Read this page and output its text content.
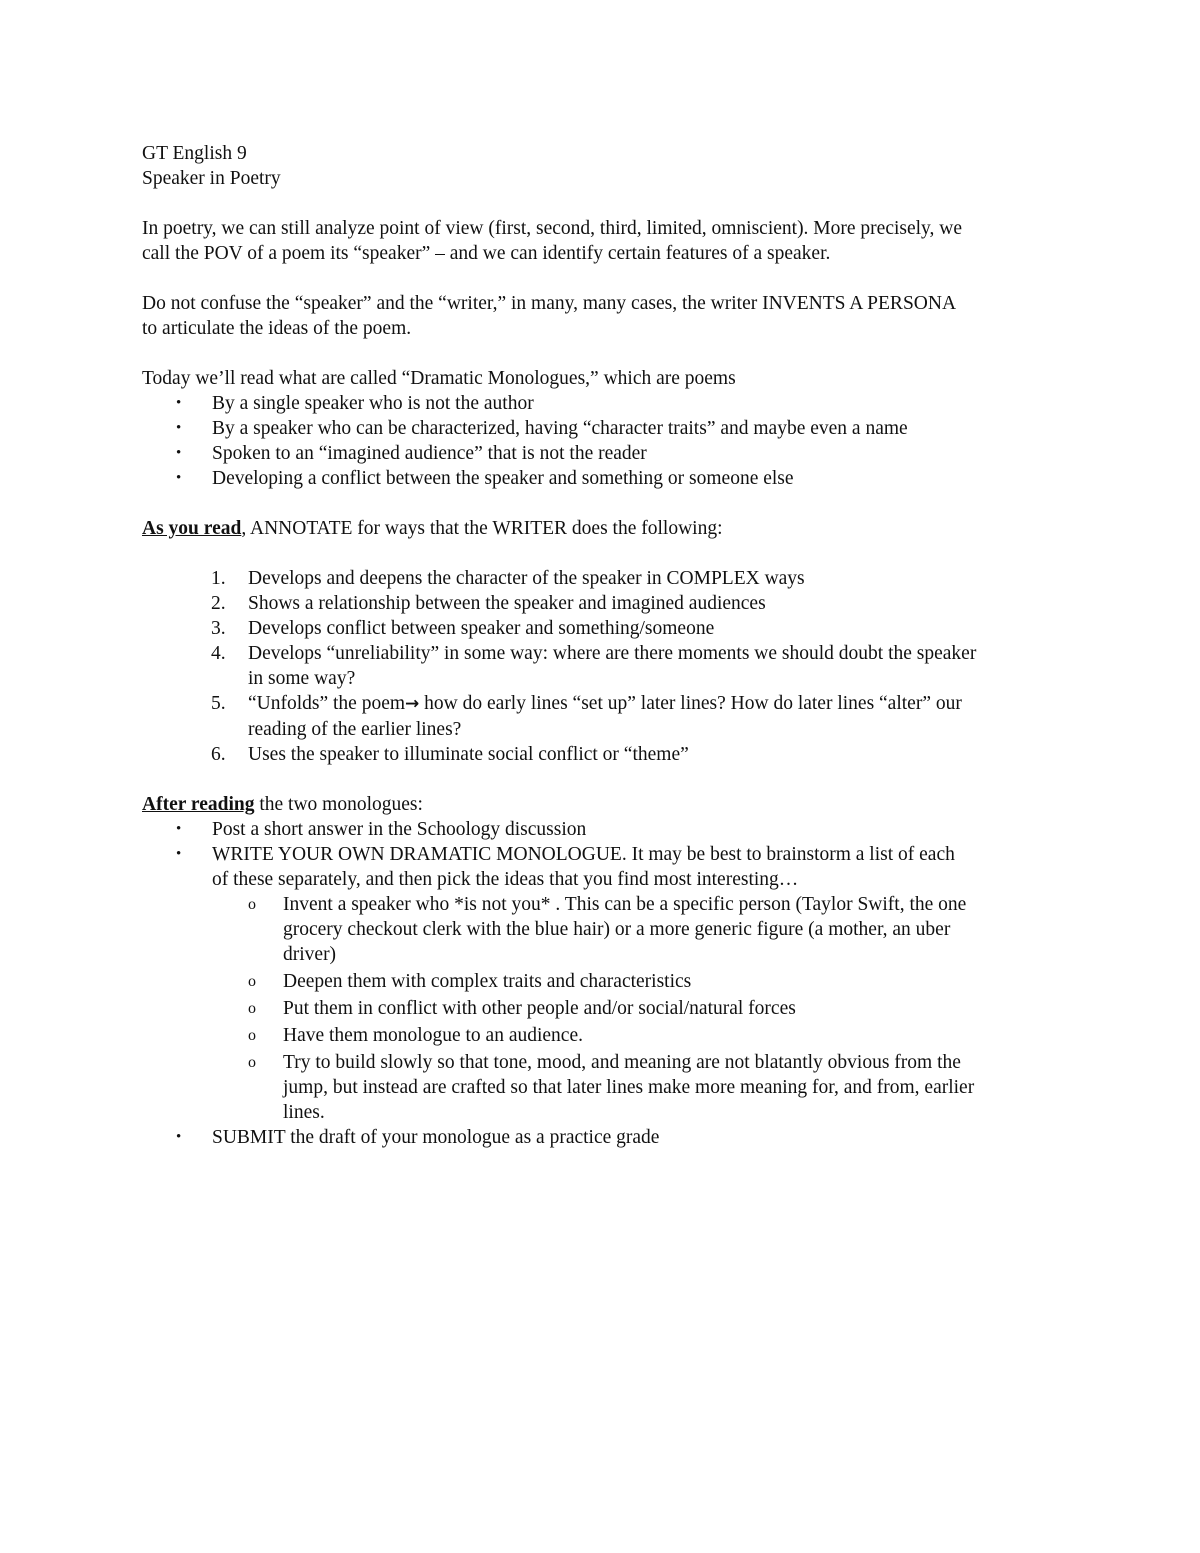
GT English 9

Speaker in Poetry

In poetry, we can still analyze point of view (first, second, third, limited, omniscient). More precisely, we
call the POV of a poem its “speaker” – and we can identify certain features of a speaker.

Do not confuse the “speaker” and the “writer,” in many, many cases, the writer INVENTS A PERSONA
to articulate the ideas of the poem.

Today we’ll read what are called “Dramatic Monologues,” which are poems

• By a single speaker who is not the author
• By a speaker who can be characterized, having “character traits” and maybe even a name
• Spoken to an “imagined audience” that is not the reader
• Developing a conflict between the speaker and something or someone else

As you read, ANNOTATE for ways that the WRITER does the following:

1. Develops and deepens the character of the speaker in COMPLEX ways
2. Shows a relationship between the speaker and imagined audiences
3. Develops conflict between speaker and something/someone
4. Develops “unreliability” in some way: where are there moments we should doubt the speaker
in some way?
5. “Unfolds” the poem→ how do early lines “set up” later lines? How do later lines “alter” our
reading of the earlier lines?
6. Uses the speaker to illuminate social conflict or “theme”

After reading the two monologues:

• Post a short answer in the Schoology discussion
• WRITE YOUR OWN DRAMATIC MONOLOGUE. It may be best to brainstorm a list of each
of these separately, and then pick the ideas that you find most interesting…
o Invent a speaker who *is not you* . This can be a specific person (Taylor Swift, the one
grocery checkout clerk with the blue hair) or a more generic figure (a mother, an uber
driver)
o Deepen them with complex traits and characteristics
o Put them in conflict with other people and/or social/natural forces
o Have them monologue to an audience.
o Try to build slowly so that tone, mood, and meaning are not blatantly obvious from the
jump, but instead are crafted so that later lines make more meaning for, and from, earlier
lines.
• SUBMIT the draft of your monologue as a practice grade
